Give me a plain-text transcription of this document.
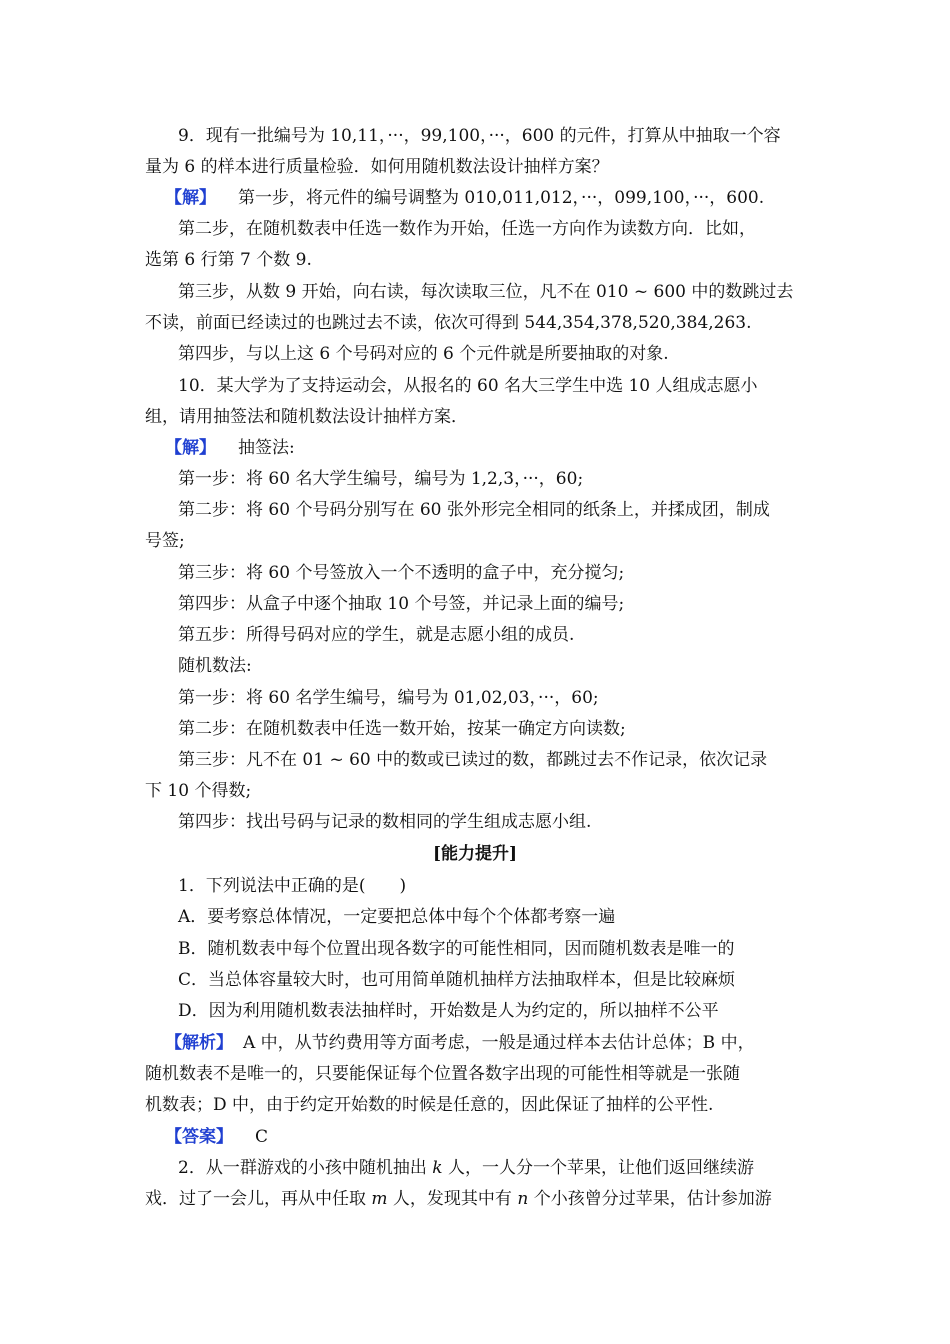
9．现有一批编号为 10,11，···，99,100，···，600 的元件，打算从中抽取一个容
量为 6 的样本进行质量检验．如何用随机数法设计抽样方案？
【解】 第一步，将元件的编号调整为 010,011,012，···，099,100，···，600.
第二步，在随机数表中任选一数作为开始，任选一方向作为读数方向．比如，
选第 6 行第 7 个数 9.
第三步，从数 9 开始，向右读，每次读取三位，凡不在 010 ~ 600 中的数跳过去
不读，前面已经读过的也跳过去不读，依次可得到 544,354,378,520,384,263.
第四步，与以上这 6 个号码对应的 6 个元件就是所要抽取的对象.
10．某大学为了支持运动会，从报名的 60 名大三学生中选 10 人组成志愿小
组，请用抽签法和随机数法设计抽样方案．
【解】 抽签法:
第一步：将 60 名大学生编号，编号为 1,2,3，···，60;
第二步：将 60 个号码分别写在 60 张外形完全相同的纸条上，并揉成团，制成
号签;
第三步：将 60 个号签放入一个不透明的盒子中，充分搅匀;
第四步：从盒子中逐个抽取 10 个号签，并记录上面的编号;
第五步：所得号码对应的学生，就是志愿小组的成员.
随机数法:
第一步：将 60 名学生编号，编号为 01,02,03，···，60;
第二步：在随机数表中任选一数开始，按某一确定方向读数;
第三步：凡不在 01 ~ 60 中的数或已读过的数，都跳过去不作记录，依次记录
下 10 个得数;
第四步：找出号码与记录的数相同的学生组成志愿小组.
[能力提升]
1．下列说法中正确的是(　　)
A．要考察总体情况，一定要把总体中每个个体都考察一遍
B．随机数表中每个位置出现各数字的可能性相同，因而随机数表是唯一的
C．当总体容量较大时，也可用简单随机抽样方法抽取样本，但是比较麻烦
D．因为利用随机数表法抽样时，开始数是人为约定的，所以抽样不公平
【解析】 A 中，从节约费用等方面考虑，一般是通过样本去估计总体；B 中，
随机数表不是唯一的，只要能保证每个位置各数字出现的可能性相等就是一张随
机数表；D 中，由于约定开始数的时候是任意的，因此保证了抽样的公平性.
【答案】 C
2．从一群游戏的小孩中随机抽出 k 人，一人分一个苹果，让他们返回继续游
戏．过了一会儿，再从中任取 m 人，发现其中有 n 个小孩曾分过苹果，估计参加游
